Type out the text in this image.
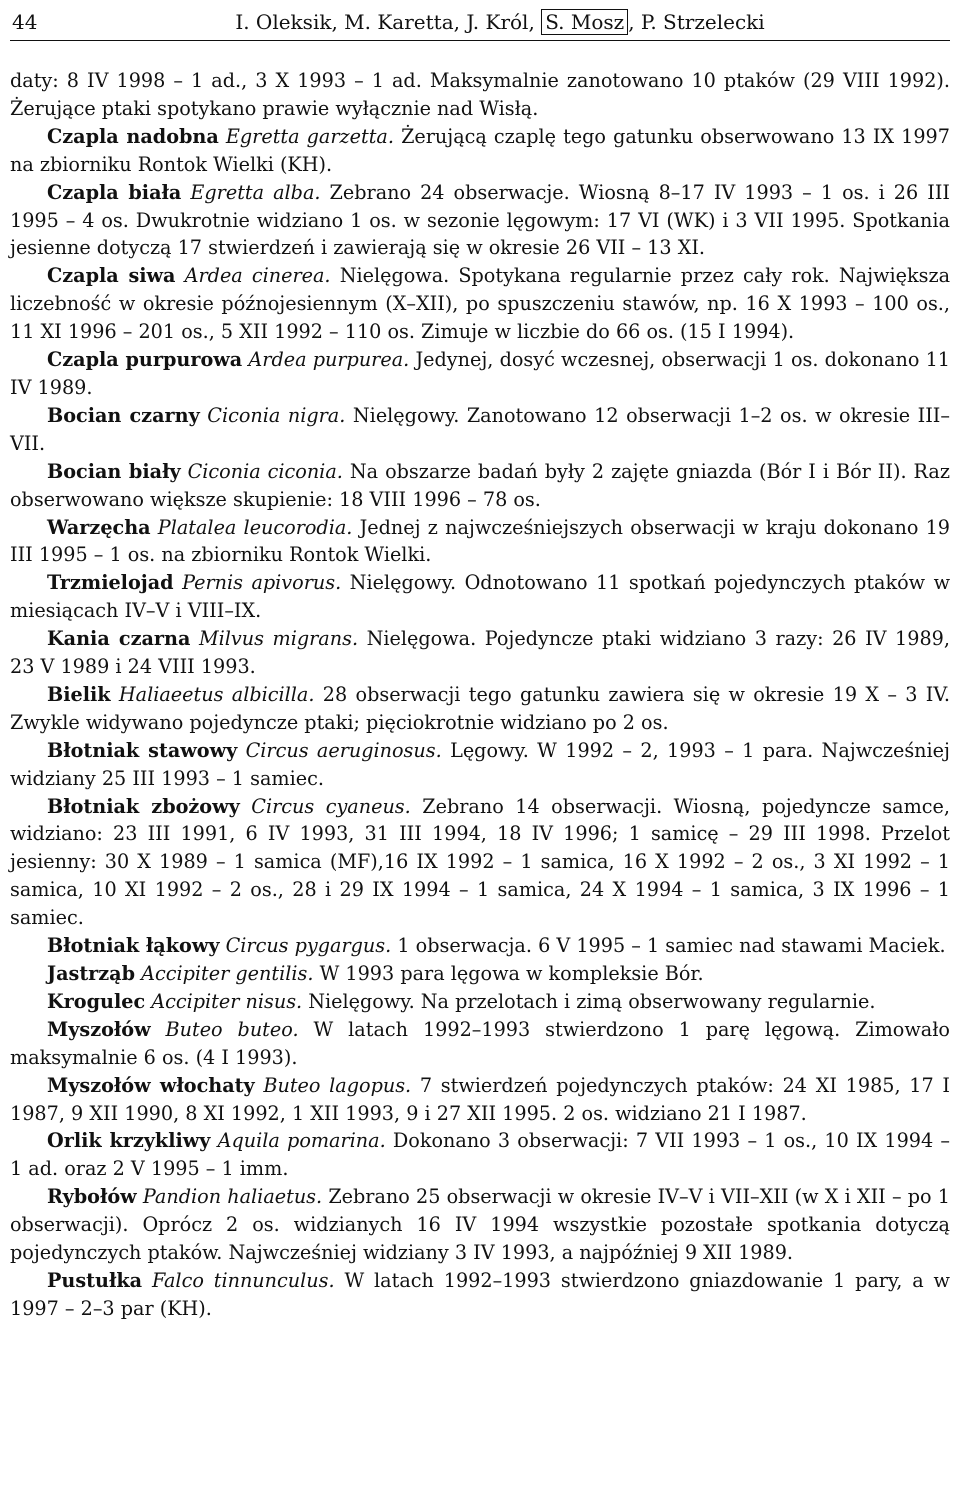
44	I. Oleksik, M. Karetta, J. Król, S. Mosz , P. Strzelecki

daty: 8 IV 1998 – 1 ad., 3 X 1993 – 1 ad. Maksymalnie zanotowano 10 ptaków (29 VIII 1992). Żerujące ptaki spotykano prawie wyłącznie nad Wisłą.

Czapla nadobna Egretta garzetta. Żerującą czaplę tego gatunku obserwowano 13 IX 1997 na zbiorniku Rontok Wielki (KH).

Czapla biała Egretta alba. Zebrano 24 obserwacje. Wiosną 8–17 IV 1993 – 1 os. i 26 III 1995 – 4 os. Dwukrotnie widziano 1 os. w sezonie lęgowym: 17 VI (WK) i 3 VII 1995. Spotkania jesienne dotyczą 17 stwierdzeń i zawierają się w okresie 26 VII – 13 XI.

Czapla siwa Ardea cinerea. Nielęgowa. Spotykana regularnie przez cały rok. Największa liczebność w okresie późnojesiennym (X–XII), po spuszczeniu stawów, np. 16 X 1993 – 100 os., 11 XI 1996 – 201 os., 5 XII 1992 – 110 os. Zimuje w liczbie do 66 os. (15 I 1994).

Czapla purpurowa Ardea purpurea. Jedynej, dosyć wczesnej, obserwacji 1 os. dokonano 11 IV 1989.

Bocian czarny Ciconia nigra. Nielęgowy. Zanotowano 12 obserwacji 1–2 os. w okresie III–VII.

Bocian biały Ciconia ciconia. Na obszarze badań były 2 zajęte gniazda (Bór I i Bór II). Raz obserwowano większe skupienie: 18 VIII 1996 – 78 os.

Warzęcha Platalea leucorodia. Jednej z najwcześniejszych obserwacji w kraju dokonano 19 III 1995 – 1 os. na zbiorniku Rontok Wielki.

Trzmielojad Pernis apivorus. Nielęgowy. Odnotowano 11 spotkań pojedynczych ptaków w miesiącach IV–V i VIII–IX.

Kania czarna Milvus migrans. Nielęgowa. Pojedyncze ptaki widziano 3 razy: 26 IV 1989, 23 V 1989 i 24 VIII 1993.

Bielik Haliaeetus albicilla. 28 obserwacji tego gatunku zawiera się w okresie 19 X – 3 IV. Zwykle widywano pojedyncze ptaki; pięciokrotnie widziano po 2 os.

Błotniak stawowy Circus aeruginosus. Lęgowy. W 1992 – 2, 1993 – 1 para. Najwcześniej widziany 25 III 1993 – 1 samiec.

Błotniak zbożowy Circus cyaneus. Zebrano 14 obserwacji. Wiosną, pojedyncze samce, widziano: 23 III 1991, 6 IV 1993, 31 III 1994, 18 IV 1996; 1 samicę – 29 III 1998. Przelot jesienny: 30 X 1989 – 1 samica (MF),16 IX 1992 – 1 samica, 16 X 1992 – 2 os., 3 XI 1992 – 1 samica, 10 XI 1992 – 2 os., 28 i 29 IX 1994 – 1 samica, 24 X 1994 – 1 samica, 3 IX 1996 – 1 samiec.

Błotniak łąkowy Circus pygargus. 1 obserwacja. 6 V 1995 – 1 samiec nad stawami Maciek.

Jastrząb Accipiter gentilis. W 1993 para lęgowa w kompleksie Bór.

Krogulec Accipiter nisus. Nielęgowy. Na przelotach i zimą obserwowany regularnie.

Myszołów Buteo buteo. W latach 1992–1993 stwierdzono 1 parę lęgową. Zimowało maksymalnie 6 os. (4 I 1993).

Myszołów włochaty Buteo lagopus. 7 stwierdzeń pojedynczych ptaków: 24 XI 1985, 17 I 1987, 9 XII 1990, 8 XI 1992, 1 XII 1993, 9 i 27 XII 1995. 2 os. widziano 21 I 1987.

Orlik krzykliwy Aquila pomarina. Dokonano 3 obserwacji: 7 VII 1993 – 1 os., 10 IX 1994 – 1 ad. oraz 2 V 1995 – 1 imm.

Rybołów Pandion haliaetus. Zebrano 25 obserwacji w okresie IV–V i VII–XII (w X i XII – po 1 obserwacji). Oprócz 2 os. widzianych 16 IV 1994 wszystkie pozostałe spotkania dotyczą pojedynczych ptaków. Najwcześniej widziany 3 IV 1993, a najpóźniej 9 XII 1989.

Pustułka Falco tinnunculus. W latach 1992–1993 stwierdzono gniazdowanie 1 pary, a w 1997 – 2–3 par (KH).
